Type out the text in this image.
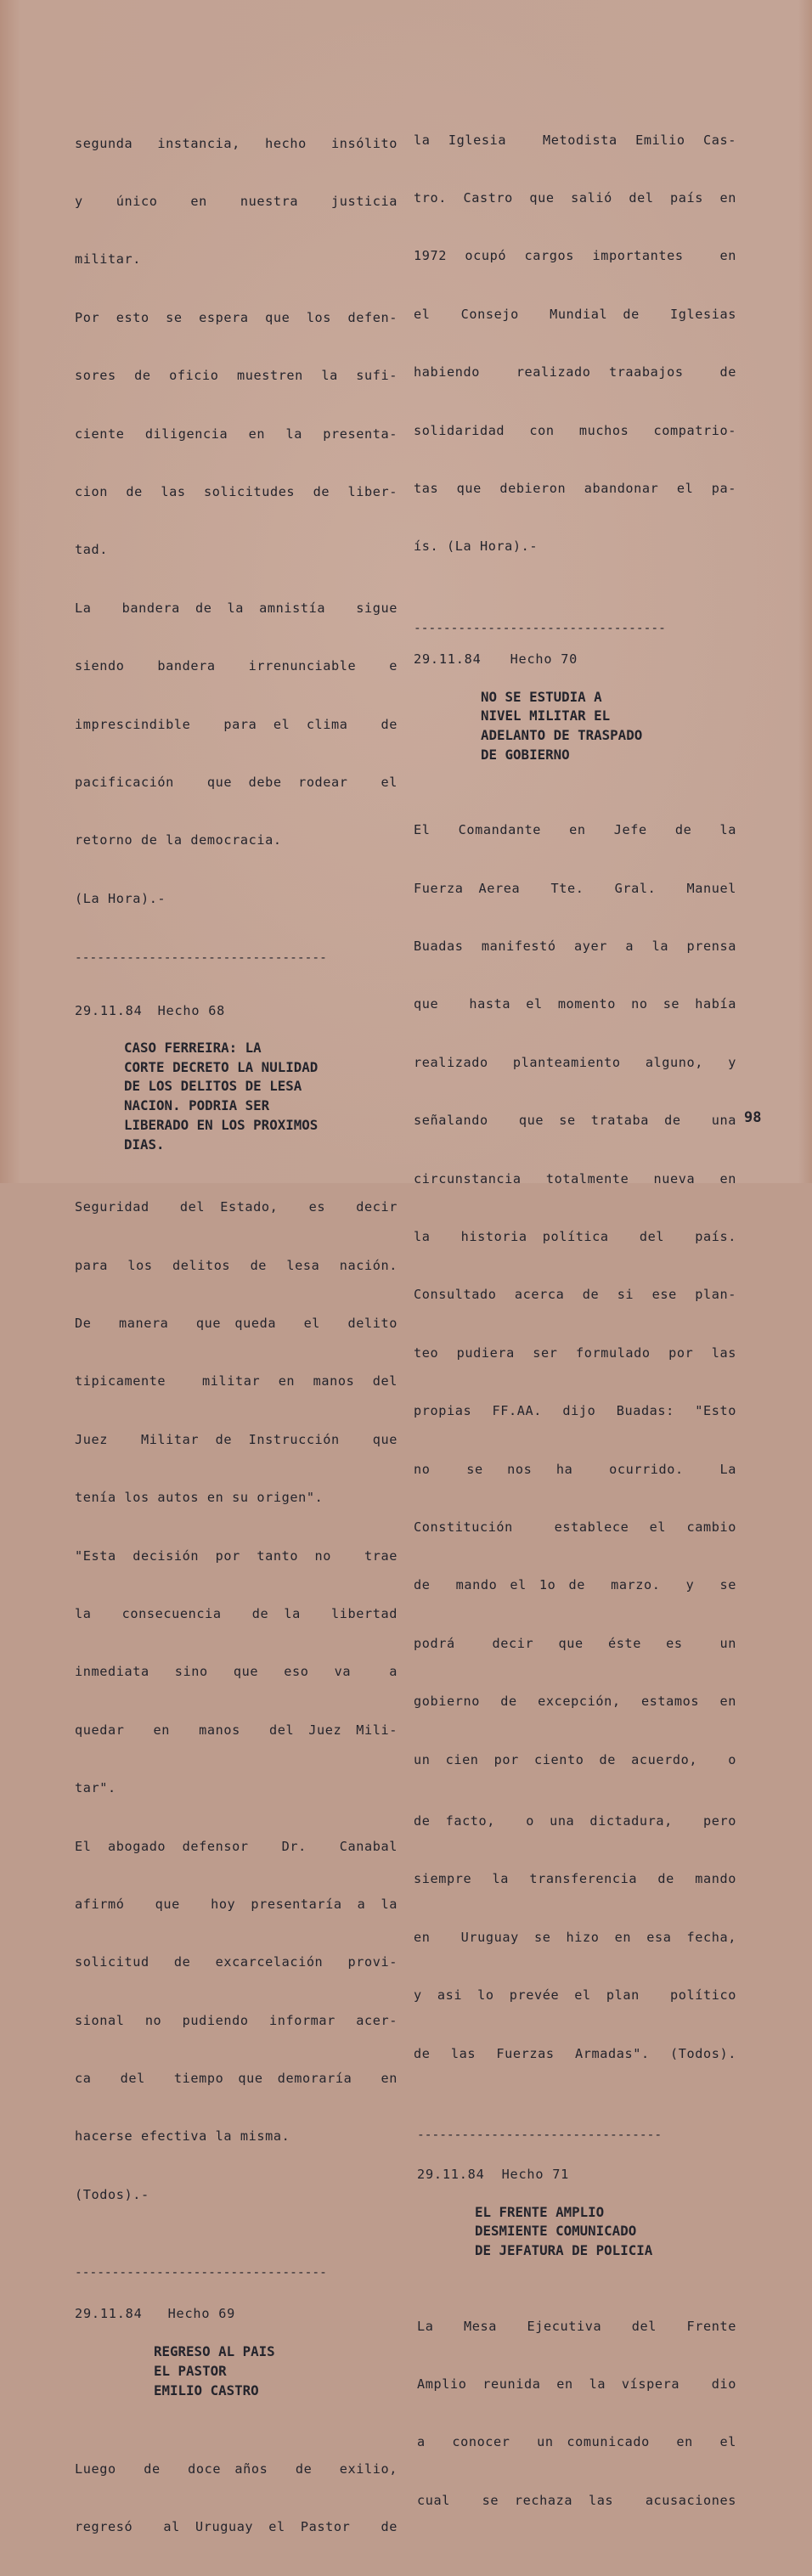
segunda instancia, hecho insólito

y  único  en  nuestra  justicia

militar.

Por esto se espera que los defen-

sores de oficio muestren la sufi-

ciente diligencia en la presenta-

cion de las solicitudes de liber-

tad.

La  bandera de la amnistía  sigue

siendo  bandera  irrenunciable  e

imprescindible  para el clima  de

pacificación  que debe rodear  el

retorno de la democracia.

(La Hora).-

----------------------------------
29.11.84 Hecho 68
CASO FERREIRA: LA
CORTE DECRETO LA NULIDAD
DE LOS DELITOS DE LESA
NACION. PODRIA SER
LIBERADO EN LOS PROXIMOS
DIAS.

Seguridad  del Estado,  es  decir

para los delitos de lesa nación.

De  manera  que queda  el  delito

tipicamente  militar en manos del

Juez  Militar de Instrucción  que

tenía los autos en su origen".

"Esta decisión por tanto no  trae

la  consecuencia  de la  libertad

inmediata  sino  que  eso  va   a

quedar  en  manos  del Juez Mili-

tar".

El abogado defensor  Dr.  Canabal

afirmó  que  hoy presentaría a la

solicitud de excarcelación provi-

sional no pudiendo informar acer-

ca  del  tiempo que demoraría  en

hacerse efectiva la misma.

(Todos).-

----------------------------------
29.11.84 Hecho 69
REGRESO AL PAIS
EL PASTOR
EMILIO CASTRO

Luego  de  doce años  de  exilio,

regresó  al Uruguay el Pastor  de

la Iglesia  Metodista Emilio Cas-

tro. Castro que salió del país en

1972 ocupó cargos importantes  en

el  Consejo  Mundial de  Iglesias

habiendo  realizado traabajos  de

solidaridad con muchos compatrio-

tas que debieron abandonar el pa-

ís. (La Hora).-

----------------------------------
29.11.84 Hecho 70
NO SE ESTUDIA A
NIVEL MILITAR EL
ADELANTO DE TRASPADO
DE GOBIERNO

El  Comandante  en  Jefe  de  la

Fuerza Aerea  Tte.  Gral.  Manuel

Buadas manifestó ayer a la prensa

que  hasta el momento no se había

realizado planteamiento alguno, y

señalando  que se trataba de  una

circunstancia totalmente nueva en

la  historia política  del  país.

Consultado acerca de si ese plan-

teo pudiera ser formulado por las

propias FF.AA. dijo Buadas: "Esto

no   se  nos  ha   ocurrido.   La

Constitución  establece el cambio

de  mando el 1o de  marzo.  y  se

podrá   decir  que  éste  es   un

gobierno de excepción, estamos en

un cien por ciento de acuerdo,  o

de facto,  o una dictadura,  pero

siempre la transferencia de mando

en  Uruguay se hizo en esa fecha,

y asi lo prevée el plan  político

de las Fuerzas Armadas". (Todos).

---------------------------------
29.11.84 Hecho 71
EL FRENTE AMPLIO
DESMIENTE COMUNICADO
DE JEFATURA DE POLICIA

La  Mesa  Ejecutiva  del  Frente

Amplio reunida en la víspera  dio

a  conocer  un comunicado  en  el

cual  se rechaza las  acusaciones

98
